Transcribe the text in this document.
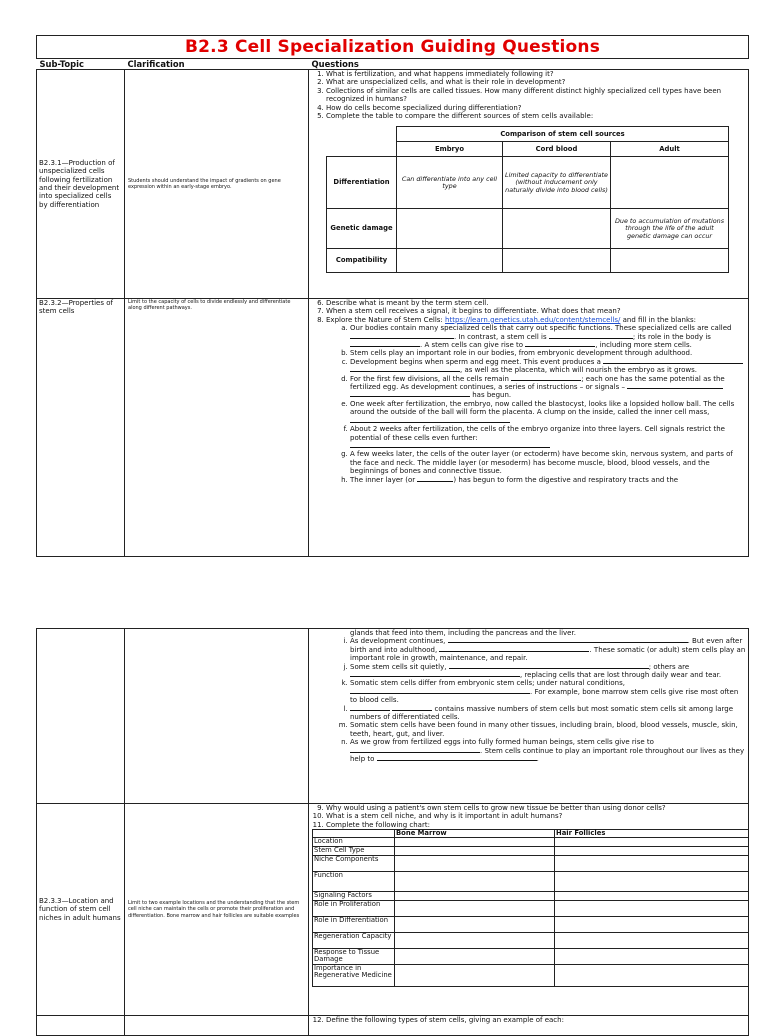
B2.3 Cell Specialization Guiding Questions
Sub-Topic	Clarification	Questions
B2.3.1—Production of unspecialized cells following fertilization and their development into specialized cells by differentiation	Students should understand the impact of gradients on gene expression within an early-stage embryo.	
1. What is fertilization, and what happens immediately following it?
2. What are unspecialized cells, and what is their role in development?
3. Collections of similar cells are called tissues. How many different distinct highly specialized cell types have been recognized in humans?
4. How do cells become specialized during differentiation?
5. Complete the table to compare the different sources of stem cells available:
	Comparison of stem cell sources
	Embryo	Cord blood	Adult
Differentiation	Can differentiate into any cell type	Limited capacity to differentiate (without inducement only naturally divide into blood cells)	
Genetic damage			Due to accumulation of mutations through the life of the adult genetic damage can occur
Compatibility			

B2.3.2—Properties of stem cells	Limit to the capacity of cells to divide endlessly and differentiate along different pathways.	
6. Describe what is meant by the term stem cell.
7. When a stem cell receives a signal, it begins to differentiate. What does that mean?
8. Explore the Nature of Stem Cells: https://learn.genetics.utah.edu/content/stemcells/ and fill in the blanks:
a. Our bodies contain many specialized cells that carry out specific functions. These specialized cells are called . In contrast, a stem cell is	; its role in the body is . A stem cells can give rise to	, including more stem cells.
b. Stem cells play an important role in our bodies, from embryonic development through adulthood.
c. Development begins when sperm and egg meet. This event produces a  , as well as the placenta, which will nourish the embryo as it grows.
d. For the first few divisions, all the cells remain	; each one has the same potential as the fertilized egg. As development continues, a series of instructions – or signals –   has begun.
e. One week after fertilization, the embryo, now called the blastocyst, looks like a lopsided hollow ball. The cells around the outside of the ball will form the placenta. A clump on the inside, called the inner cell mass,
f. About 2 weeks after fertilization, the cells of the embryo organize into three layers. Cell signals restrict the potential of these cells even further:

g. A few weeks later, the cells of the outer layer (or ectoderm) have become skin, nervous system, and parts of the face and neck. The middle layer (or mesoderm) has become muscle, blood, blood vessels, and the beginnings of bones and connective tissue.
h. The inner layer (or	) has begun to form the digestive and respiratory tracts and the

glands that feed into them, including the pancreas and the liver.
i. As development continues,	. But even after birth and into adulthood,	. These somatic (or adult) stem cells play an important role in growth, maintenance, and repair.
j. Some stem cells sit quietly,	; others are , replacing cells that are lost through daily wear and tear.
k. Somatic stem cells differ from embryonic stem cells; under natural conditions, . For example, bone marrow stem cells give rise most often to blood cells.
l. contains massive numbers of stem cells but most somatic stem cells sit among large numbers of differentiated cells.
m. Somatic stem cells have been found in many other tissues, including brain, blood, blood vessels, muscle, skin, teeth, heart, gut, and liver.
n. As we grow from fertilized eggs into fully formed human beings, stem cells give rise to . Stem cells continue to play an important role throughout our lives as they help to	.

B2.3.3—Location and function of stem cell niches in adult humans	Limit to two example locations and the understanding that the stem cell niche can maintain the cells or promote their proliferation and differentiation. Bone marrow and hair follicles are suitable examples	
9. Why would using a patient's own stem cells to grow new tissue be better than using donor cells?
10. What is a stem cell niche, and why is it important in adult humans?
11. Complete the following chart:
	Bone Marrow	Hair Follicles
Location		
Stem Cell Type		
Niche Components		
Function		
Signaling Factors		
Role in Proliferation		
Role in Differentiation		
Regeneration Capacity		
Response to Tissue Damage		
Importance in Regenerative Medicine		

12. Define the following types of stem cells, giving an example of each:
